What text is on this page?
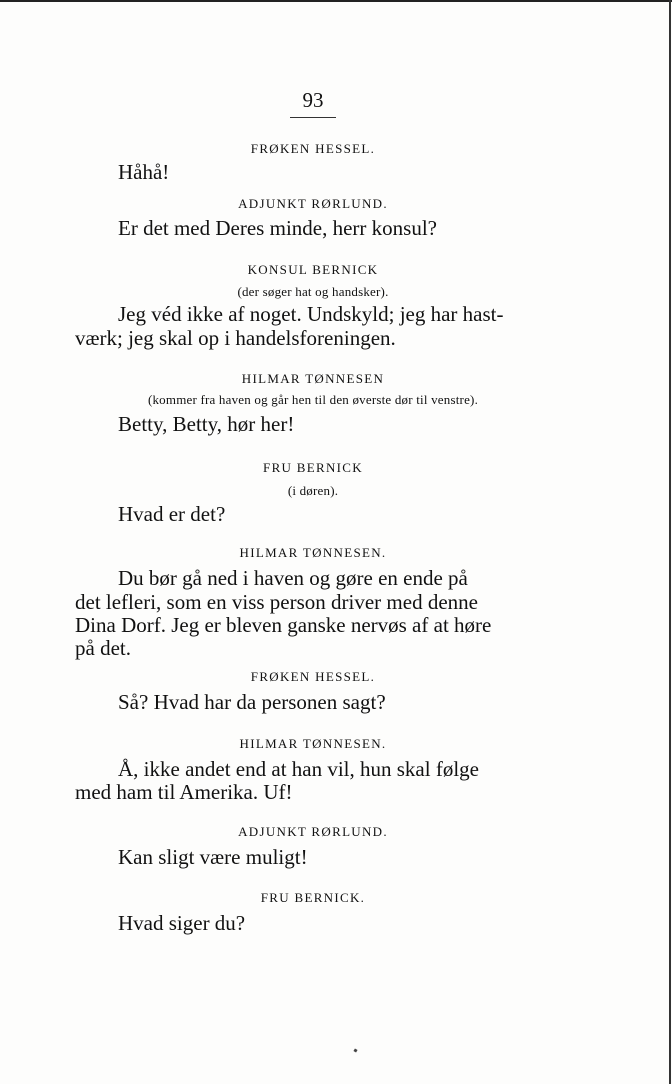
93
FRØKEN HESSEL.
Håhå!
ADJUNKT RØRLUND.
Er det med Deres minde, herr konsul?
KONSUL BERNICK
(der søger hat og handsker).
Jeg véd ikke af noget. Undskyld; jeg har hast-
værk; jeg skal op i handelsforeningen.
HILMAR TØNNESEN
(kommer fra haven og går hen til den øverste dør til venstre).
Betty, Betty, hør her!
FRU BERNICK
(i døren).
Hvad er det?
HILMAR TØNNESEN.
Du bør gå ned i haven og gøre en ende på
det lefleri, som en viss person driver med denne
Dina Dorf. Jeg er bleven ganske nervøs af at høre
på det.
FRØKEN HESSEL.
Så? Hvad har da personen sagt?
HILMAR TØNNESEN.
Å, ikke andet end at han vil, hun skal følge
med ham til Amerika. Uf!
ADJUNKT RØRLUND.
Kan sligt være muligt!
FRU BERNICK.
Hvad siger du?
